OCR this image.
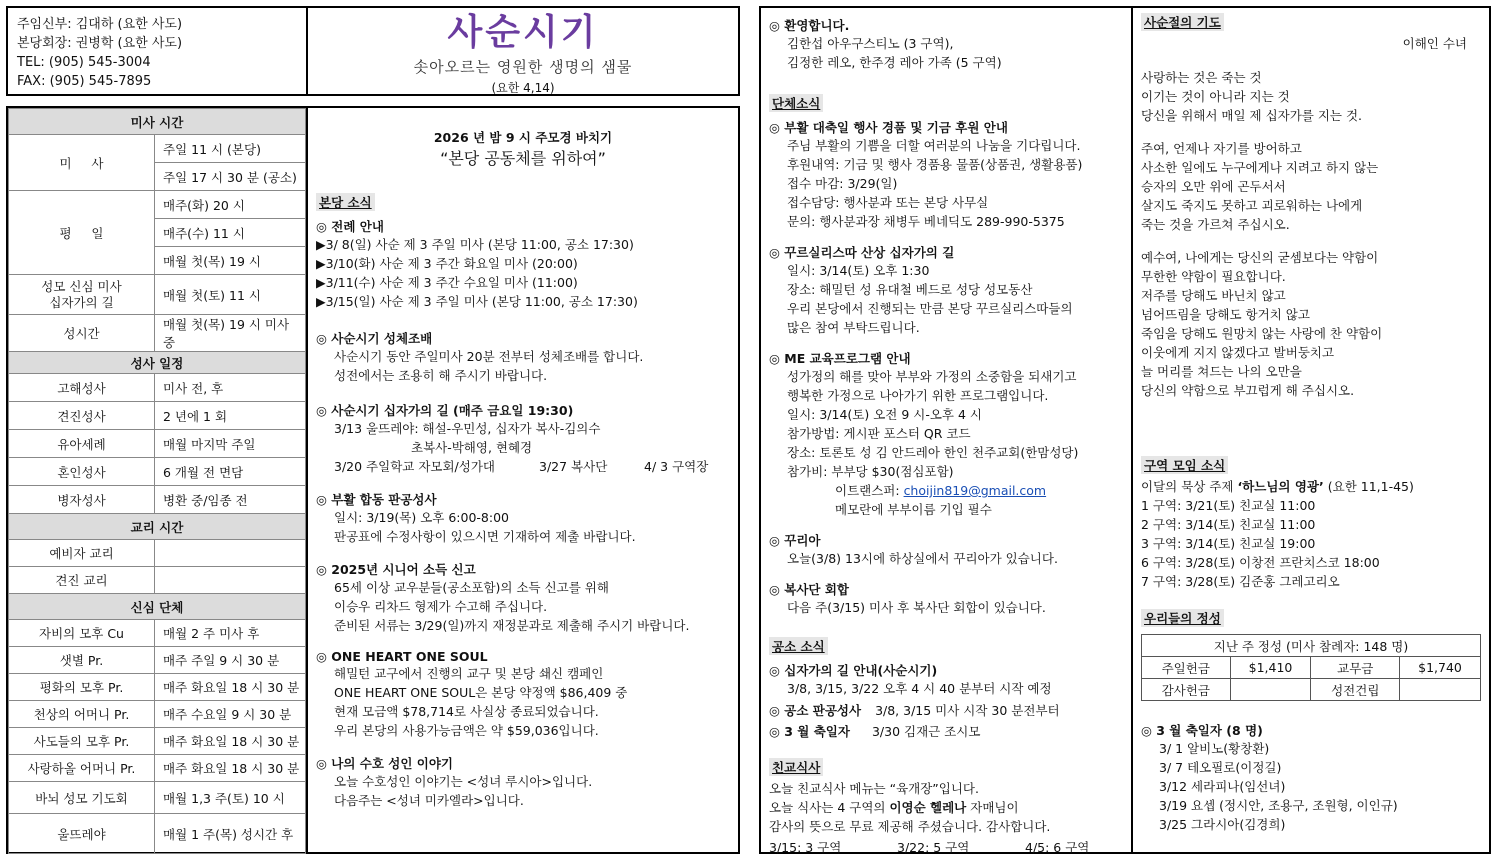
주임신부: 김대하 (요한 사도)
본당회장: 권병학 (요한 사도)
TEL: (905) 545-3004
FAX: (905) 545-7895
사순시기
솟아오르는 영원한 생명의 샘물
(요한 4,14)
미사 시간	
미     사	주일 11 시 (본당)
	주일 17 시 30 분 (공소)
평     일	매주(화) 20 시
	매주(수) 11 시
	매월 첫(목) 19 시
성모 신심 미사
십자가의 길	매월 첫(토) 11 시
성시간	매월 첫(목) 19 시 미사 중
성사 일정	
고해성사	미사 전, 후
견진성사	2 년에 1 회
유아세례	매월 마지막 주일
혼인성사	6 개월 전 면담
병자성사	병환 중/임종 전
교리 시간	
예비자 교리	
견진 교리	
신심 단체	
자비의 모후 Cu	매월 2 주 미사 후
샛별 Pr.	매주 주일 9 시 30 분
평화의 모후 Pr.	매주 화요일 18 시 30 분
천상의 어머니 Pr.	매주 수요일 9 시 30 분
사도들의 모후 Pr.	매주 화요일 18 시 30 분
사랑하올 어머니 Pr.	매주 화요일 18 시 30 분
바뇌 성모 기도회	매월 1,3 주(토) 10 시
울뜨레야	매월 1 주(목) 성시간 후
2026 년 밤 9 시 주모경 바치기
“본당 공동체를 위하여”
본당 소식
◎ 전례 안내
▶3/ 8(일) 사순 제 3 주일 미사 (본당 11:00, 공소 17:30)
▶3/10(화) 사순 제 3 주간 화요일 미사 (20:00)
▶3/11(수) 사순 제 3 주간 수요일 미사 (11:00)
▶3/15(일) 사순 제 3 주일 미사 (본당 11:00, 공소 17:30)
◎ 사순시기 성체조배
사순시기 동안 주일미사 20분 전부터 성체조배를 합니다.
성전에서는 조용히 해 주시기 바랍니다.
◎ 사순시기 십자가의 길 (매주 금요일 19:30)
3/13 울뜨레야: 해설-우민성, 십자가 복사-김의수
초복사-박해영, 현혜경
3/20 주일학교 자모회/성가대	3/27 복사단	4/ 3 구역장
◎ 부활 합동 판공성사
일시: 3/19(목) 오후 6:00-8:00
판공표에 수정사항이 있으시면 기재하여 제출 바랍니다.
◎ 2025년 시니어 소득 신고
65세 이상 교우분들(공소포함)의 소득 신고를 위해
이승우 리차드 형제가 수고해 주십니다.
준비된 서류는 3/29(일)까지 재정분과로 제출해 주시기 바랍니다.
◎ ONE HEART ONE SOUL
해밀턴 교구에서 진행의 교구 및 본당 쇄신 캠페인
ONE HEART ONE SOUL은 본당 약정액 $86,409 중
현재 모금액 $78,714로 사실상 종료되었습니다.
우리 본당의 사용가능금액은 약 $59,036입니다.
◎ 나의 수호 성인 이야기
오늘 수호성인 이야기는 <성녀 루시아>입니다.
다음주는 <성녀 미카엘라>입니다.
◎ 환영합니다.
김한섭 아우구스티노 (3 구역),
김정한 레오, 한주경 레아 가족 (5 구역)
단체소식
◎ 부활 대축일 행사 경품 및 기금 후원 안내
주님 부활의 기쁨을 더할 여러분의 나눔을 기다립니다.
후원내역: 기금 및 행사 경품용 물품(상품권, 생활용품)
접수 마감: 3/29(일)
접수담당: 행사분과 또는 본당 사무실
문의: 행사분과장 채병두 베네딕도 289-990-5375
◎ 꾸르실리스따 산상 십자가의 길
일시: 3/14(토) 오후 1:30
장소: 해밀턴 성 유대철 베드로 성당 성모동산
우리 본당에서 진행되는 만큼 본당 꾸르실리스따들의
많은 참여 부탁드립니다.
◎ ME 교육프로그램 안내
성가정의 해를 맞아 부부와 가정의 소중함을 되새기고
행복한 가정으로 나아가기 위한 프로그램입니다.
일시: 3/14(토) 오전 9 시-오후 4 시
참가방법: 게시판 포스터 QR 코드
장소: 토론토 성 김 안드레아 한인 천주교회(한맘성당)
참가비: 부부당 $30(점심포함)
이트랜스퍼: choijin819@gmail.com
메모란에 부부이름 기입 필수
◎ 꾸리아
오늘(3/8) 13시에 하상실에서 꾸리아가 있습니다.
◎ 복사단 회합
다음 주(3/15) 미사 후 복사단 회합이 있습니다.
공소 소식
◎ 십자가의 길 안내(사순시기)
3/8, 3/15, 3/22 오후 4 시 40 분부터 시작 예정
◎ 공소 판공성사 3/8, 3/15 미사 시작 30 분전부터
◎ 3 월 축일자 3/30 김재근 조시모
친교식사
오늘 친교식사 메뉴는 “육개장”입니다.
오늘 식사는 4 구역의 이영순 헬레나 자매님이
감사의 뜻으로 무료 제공해 주셨습니다. 감사합니다.
3/15: 3 구역	3/22: 5 구역	4/5: 6 구역
사순절의 기도
이해인 수녀
사랑하는 것은 죽는 것
이기는 것이 아니라 지는 것
당신을 위해서 매일 제 십자가를 지는 것.
주여, 언제나 자기를 방어하고
사소한 일에도 누구에게나 지려고 하지 않는
승자의 오만 위에 곤두서서
살지도 죽지도 못하고 괴로워하는 나에게
죽는 것을 가르쳐 주십시오.
예수여, 나에게는 당신의 굳셈보다는 약함이
무한한 약함이 필요합니다.
저주를 당해도 바닌치 않고
넘어뜨림을 당해도 항거치 않고
죽임을 당해도 원망치 않는 사랑에 찬 약함이
이웃에게 지지 않겠다고 발버둥치고
늘 머리를 쳐드는 나의 오만을
당신의 약함으로 부끄럽게 해 주십시오.
구역 모임 소식
이달의 묵상 주제 ‘하느님의 영광’ (요한 11,1-45)
1 구역: 3/21(토) 친교실 11:00
2 구역: 3/14(토) 친교실 11:00
3 구역: 3/14(토) 친교실 19:00
6 구역: 3/28(토) 이창전 프란치스코 18:00
7 구역: 3/28(토) 김준홍 그레고리오
우리들의 정성
지난 주 정성 (미사 참례자: 148 명)			
주일헌금	$1,410	교무금	$1,740
감사헌금		성전건립	
◎ 3 월 축일자 (8 명)
3/ 1 알비노(황창환)
3/ 7 테오필로(이정길)
3/12 세라피나(임선녀)
3/19 요셉 (정시안, 조용구, 조원형, 이인규)
3/25 그라시아(김경희)
